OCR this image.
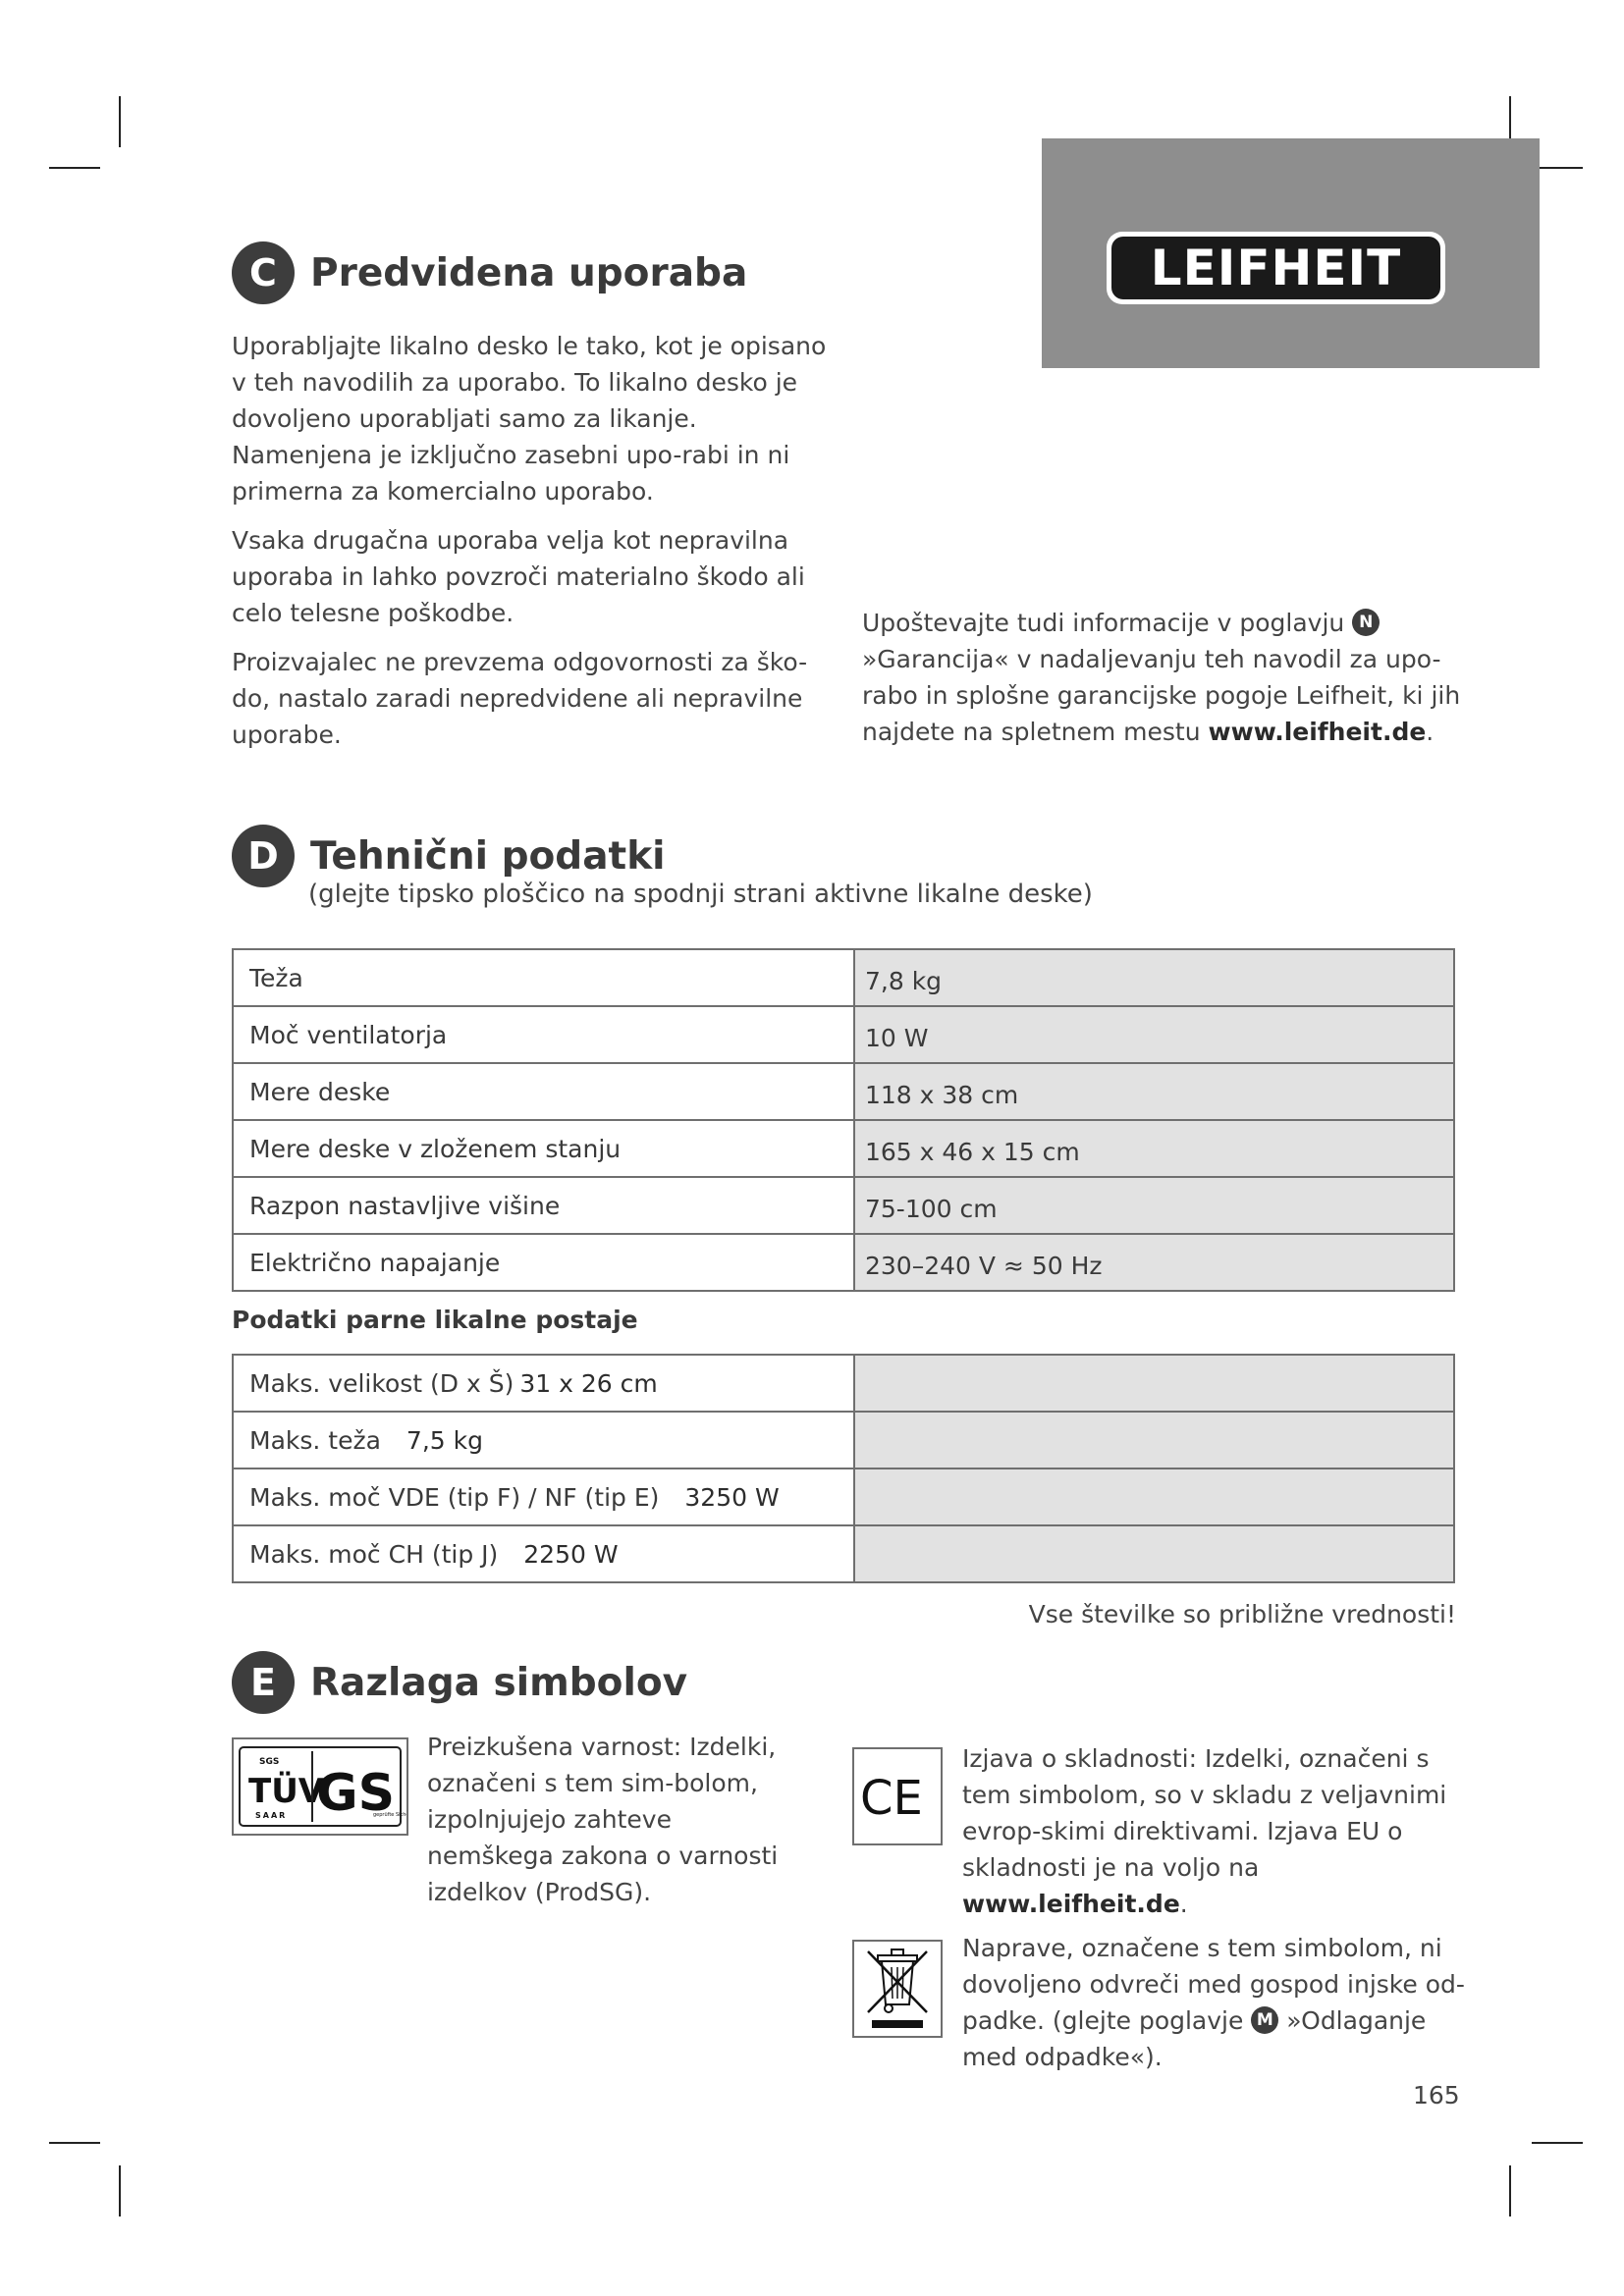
LEIFHEIT
C Predvidena uporaba

Uporabljajte likalno desko le tako, kot je opisano v teh navodilih za uporabo. To likalno desko je dovoljeno uporabljati samo za likanje. Namenjena je izključno zasebni upo-rabi in ni primerna za komercialno uporabo.

Vsaka drugačna uporaba velja kot nepravilna uporaba in lahko povzroči materialno škodo ali celo telesne poškodbe.

Proizvajalec ne prevzema odgovornosti za ško-do, nastalo zaradi nepredvidene ali nepravilne uporabe.

Upoštevajte tudi informacije v poglavju N »Garancija« v nadaljevanju teh navodil za upo-rabo in splošne garancijske pogoje Leifheit, ki jih najdete na spletnem mestu www.leifheit.de.
D Tehnični podatki
(glejte tipsko ploščico na spodnji strani aktivne likalne deske)
Teža	7,8 kg
Moč ventilatorja	10 W
Mere deske	118 x 38 cm
Mere deske v zloženem stanju	165 x 46 x 15 cm
Razpon nastavljive višine	75-100 cm
Električno napajanje	230–240 V ≈ 50 Hz
Podatki parne likalne postaje
Maks. velikost (D x Š) 31 x 26 cm	
Maks. teža 7,5 kg	
Maks. moč VDE (tip F) / NF (tip E) 3250 W	
Maks. moč CH (tip J) 2250 W	
Vse številke so približne vrednosti!
E Razlaga simbolov
SGS
TÜV
SAAR GS
geprüfte Sich
Preizkušena varnost: Izdelki, označeni s tem sim-bolom, izpolnjujejo zahteve nemškega zakona o varnosti izdelkov (ProdSG).
CE
Izjava o skladnosti: Izdelki, označeni s tem simbolom, so v skladu z veljavnimi evrop-skimi direktivami. Izjava EU o skladnosti je na voljo na www.leifheit.de.
Naprave, označene s tem simbolom, ni dovoljeno odvreči med gospod injske od-padke. (glejte poglavje M »Odlaganje med odpadke«).
165
